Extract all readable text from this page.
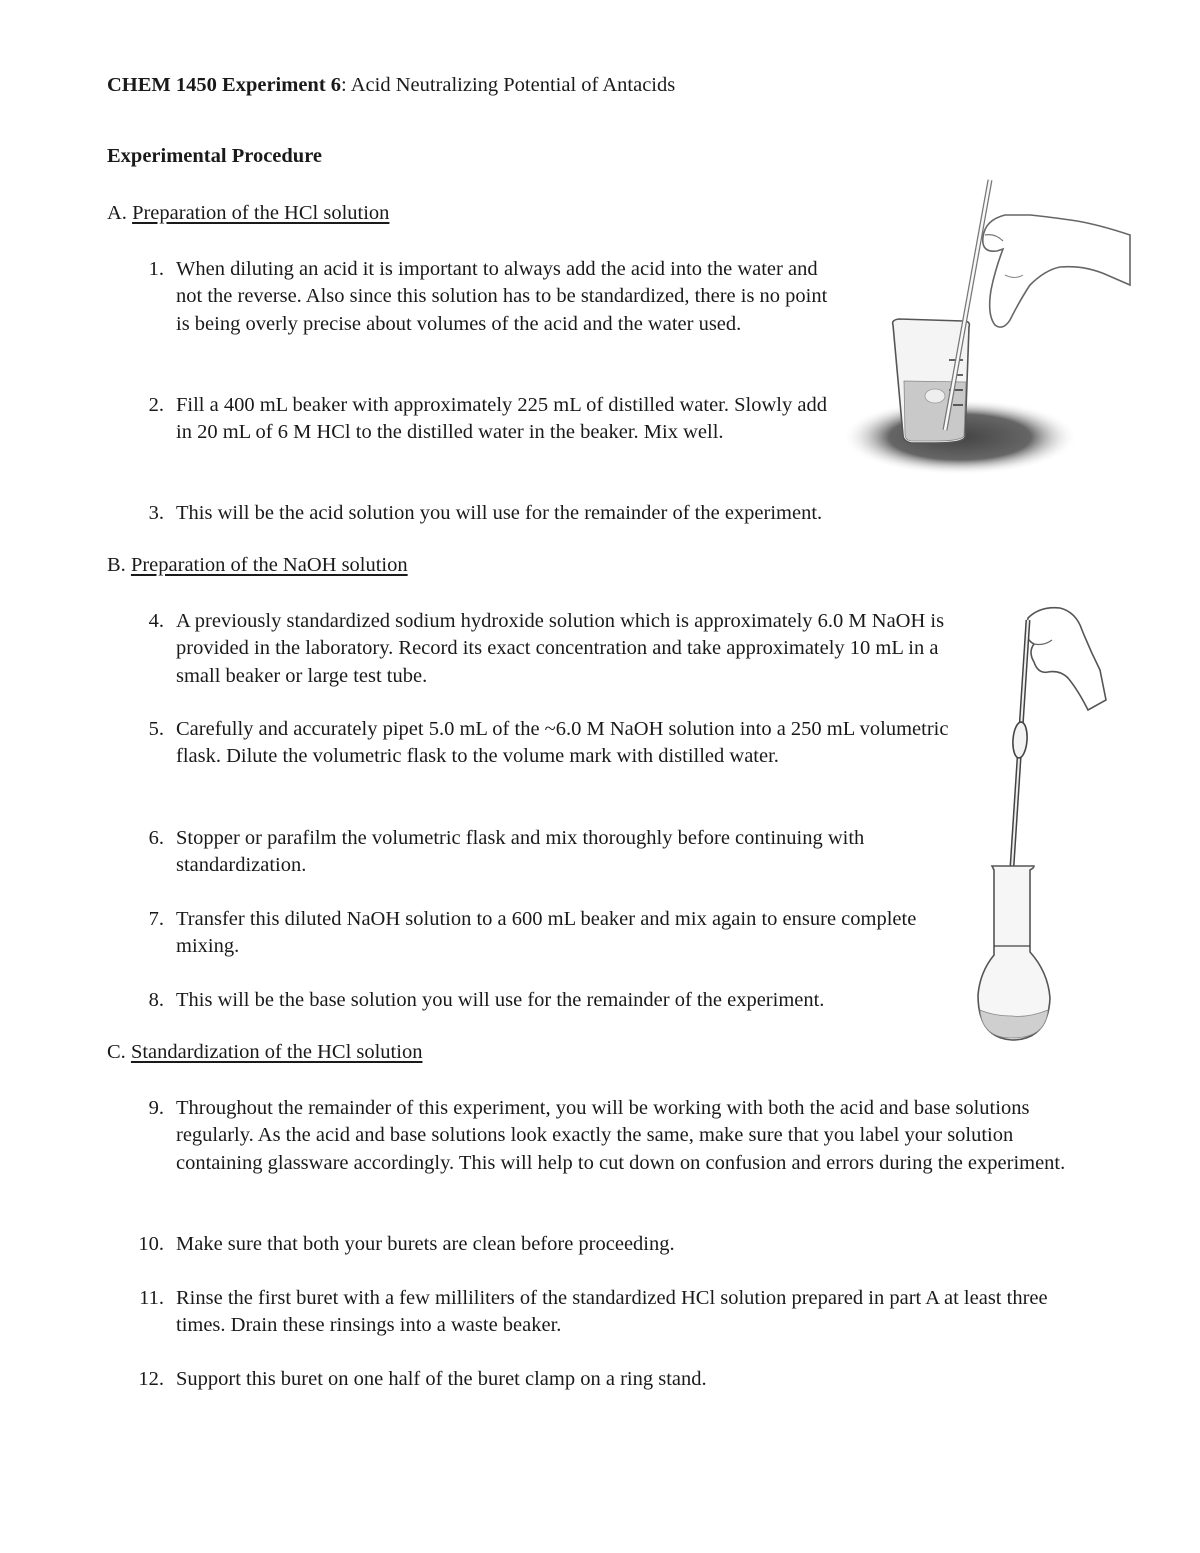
CHEM 1450 Experiment 6: Acid Neutralizing Potential of Antacids
Experimental Procedure
A. Preparation of the HCl solution
1. When diluting an acid it is important to always add the acid into the water and not the reverse. Also since this solution has to be standardized, there is no point is being overly precise about volumes of the acid and the water used.
2. Fill a 400 mL beaker with approximately 225 mL of distilled water. Slowly add in 20 mL of 6 M HCl to the distilled water in the beaker. Mix well.
3. This will be the acid solution you will use for the remainder of the experiment.
B. Preparation of the NaOH solution
4. A previously standardized sodium hydroxide solution which is approximately 6.0 M NaOH is provided in the laboratory. Record its exact concentration and take approximately 10 mL in a small beaker or large test tube.
5. Carefully and accurately pipet 5.0 mL of the ~6.0 M NaOH solution into a 250 mL volumetric flask. Dilute the volumetric flask to the volume mark with distilled water.
6. Stopper or parafilm the volumetric flask and mix thoroughly before continuing with standardization.
7. Transfer this diluted NaOH solution to a 600 mL beaker and mix again to ensure complete mixing.
8. This will be the base solution you will use for the remainder of the experiment.
C. Standardization of the HCl solution
9. Throughout the remainder of this experiment, you will be working with both the acid and base solutions regularly. As the acid and base solutions look exactly the same, make sure that you label your solution containing glassware accordingly. This will help to cut down on confusion and errors during the experiment.
10. Make sure that both your burets are clean before proceeding.
11. Rinse the first buret with a few milliliters of the standardized HCl solution prepared in part A at least three times. Drain these rinsings into a waste beaker.
12. Support this buret on one half of the buret clamp on a ring stand.
